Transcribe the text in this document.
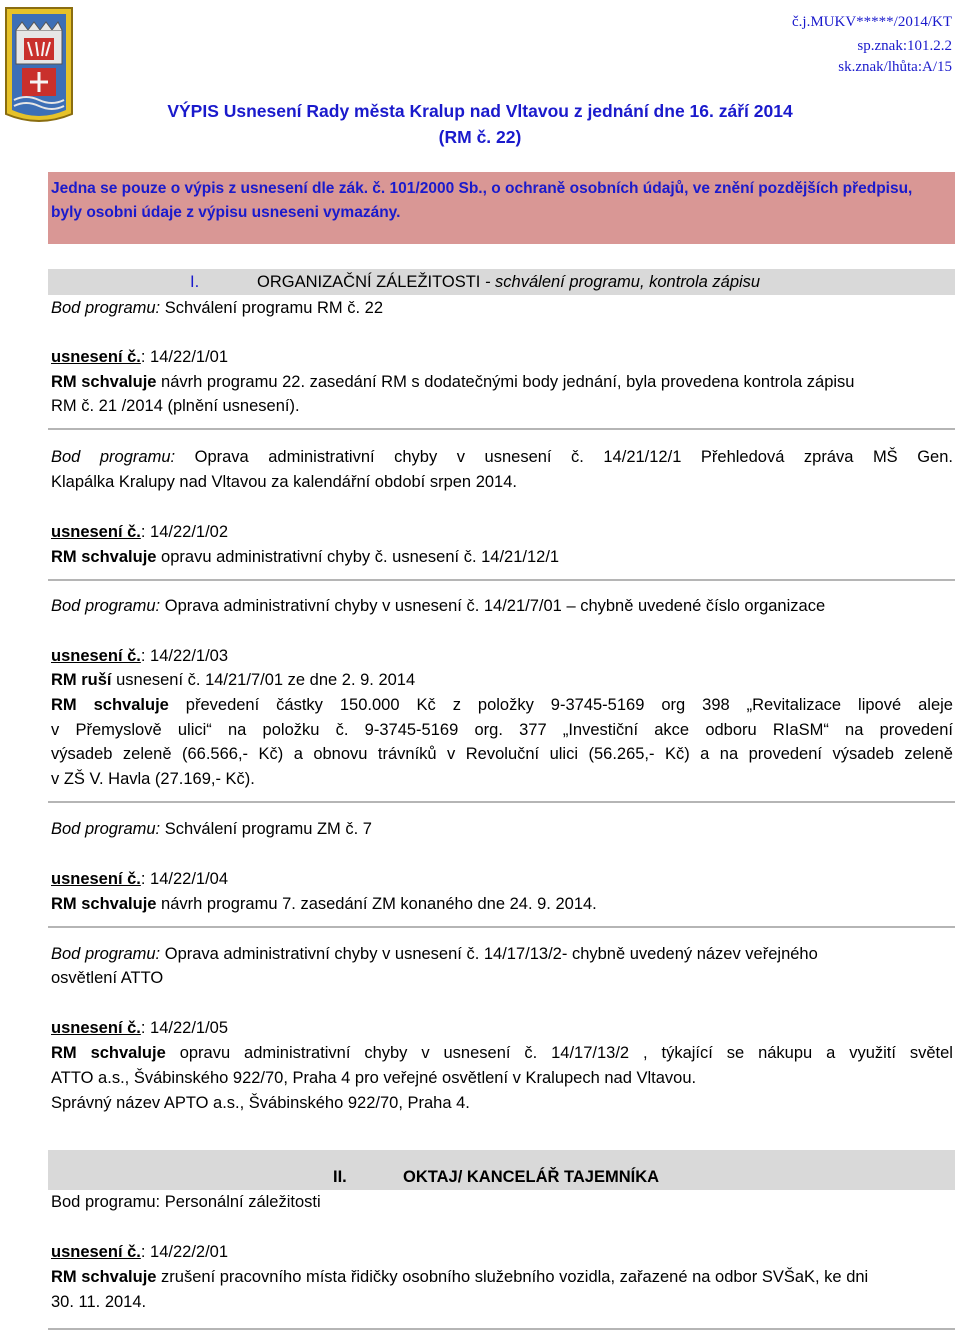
č.j.MUKV*****/2014/KT
sp.znak:101.2.2
sk.znak/lhůta:A/15
VÝPIS Usnesení Rady města Kralup nad Vltavou z jednání dne 16. září 2014
(RM č. 22)
Jedna se pouze o výpis z usnesení dle zák. č. 101/2000 Sb., o ochraně osobních údajů, ve znění pozdějších předpisu,
byly osobni údaje z výpisu usneseni vymazány.
I.	ORGANIZAČNÍ ZÁLEŽITOSTI - schválení programu, kontrola zápisu
Bod programu: Schválení programu RM č. 22
usnesení č.: 14/22/1/01
RM schvaluje návrh programu 22. zasedání RM s dodatečnými body jednání, byla provedena kontrola zápisu
RM č. 21 /2014 (plnění usnesení).
Bod programu: Oprava administrativní chyby v usnesení č. 14/21/12/1 Přehledová zpráva MŠ Gen.
Klapálka Kralupy nad Vltavou za kalendářní období srpen 2014.
usnesení č.: 14/22/1/02
RM schvaluje opravu administrativní chyby č. usnesení č. 14/21/12/1
Bod programu: Oprava administrativní chyby v usnesení č. 14/21/7/01 – chybně uvedené číslo organizace
usnesení č.: 14/22/1/03
RM ruší usnesení č. 14/21/7/01 ze dne 2. 9. 2014
RM schvaluje převedení částky 150.000 Kč z položky 9-3745-5169 org 398 „Revitalizace lipové aleje
v Přemyslově ulici“ na položku č. 9-3745-5169 org. 377 „Investiční akce odboru RIaSM“ na provedení
výsadeb zeleně (66.566,- Kč) a obnovu trávníků v Revoluční ulici (56.265,- Kč) a na provedení výsadeb zeleně
v ZŠ V. Havla (27.169,- Kč).
Bod programu: Schválení programu ZM č. 7
usnesení č.: 14/22/1/04
RM schvaluje návrh programu 7. zasedání ZM konaného dne 24. 9. 2014.
Bod programu: Oprava administrativní chyby v usnesení č. 14/17/13/2- chybně uvedený název veřejného
osvětlení ATTO
usnesení č.: 14/22/1/05
RM schvaluje opravu administrativní chyby v usnesení č. 14/17/13/2 , týkající se nákupu a využití světel
ATTO a.s., Švábinského 922/70, Praha 4 pro veřejné osvětlení v Kralupech nad Vltavou.
Správný název APTO a.s., Švábinského 922/70, Praha 4.
II.	OKTAJ/ KANCELÁŘ TAJEMNÍKA
Bod programu: Personální záležitosti
usnesení č.: 14/22/2/01
RM schvaluje zrušení pracovního místa řidičky osobního služebního vozidla, zařazené na odbor SVŠaK, ke dni
30. 11. 2014.
